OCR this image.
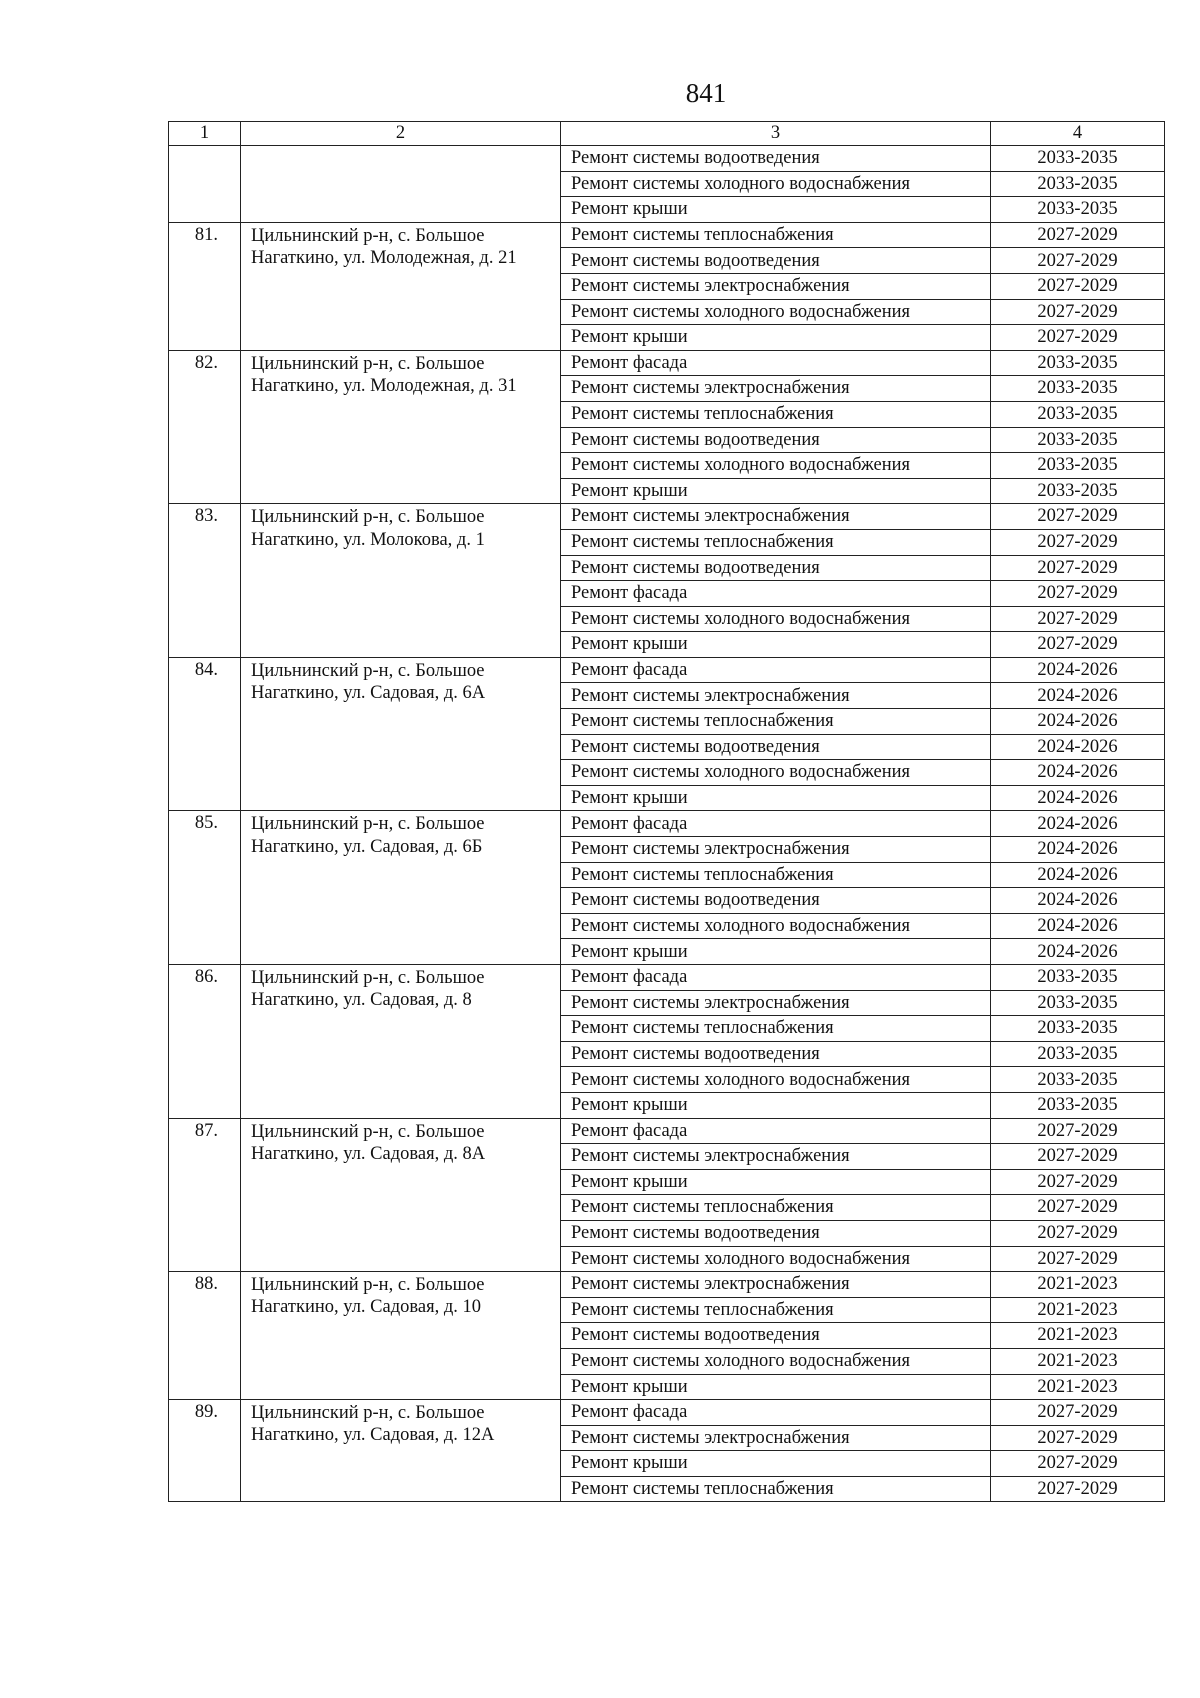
841
1	2	3	4
		Ремонт системы водоотведения	2033-2035
		Ремонт системы холодного водоснабжения	2033-2035
		Ремонт крыши	2033-2035
81.	Цильнинский р-н, с. Большое Нагаткино, ул. Молодежная, д. 21	Ремонт системы теплоснабжения	2027-2029
		Ремонт системы водоотведения	2027-2029
		Ремонт системы электроснабжения	2027-2029
		Ремонт системы холодного водоснабжения	2027-2029
		Ремонт крыши	2027-2029
82.	Цильнинский р-н, с. Большое Нагаткино, ул. Молодежная, д. 31	Ремонт фасада	2033-2035
		Ремонт системы электроснабжения	2033-2035
		Ремонт системы теплоснабжения	2033-2035
		Ремонт системы водоотведения	2033-2035
		Ремонт системы холодного водоснабжения	2033-2035
		Ремонт крыши	2033-2035
83.	Цильнинский р-н, с. Большое Нагаткино, ул. Молокова, д. 1	Ремонт системы электроснабжения	2027-2029
		Ремонт системы теплоснабжения	2027-2029
		Ремонт системы водоотведения	2027-2029
		Ремонт фасада	2027-2029
		Ремонт системы холодного водоснабжения	2027-2029
		Ремонт крыши	2027-2029
84.	Цильнинский р-н, с. Большое Нагаткино, ул. Садовая, д. 6А	Ремонт фасада	2024-2026
		Ремонт системы электроснабжения	2024-2026
		Ремонт системы теплоснабжения	2024-2026
		Ремонт системы водоотведения	2024-2026
		Ремонт системы холодного водоснабжения	2024-2026
		Ремонт крыши	2024-2026
85.	Цильнинский р-н, с. Большое Нагаткино, ул. Садовая, д. 6Б	Ремонт фасада	2024-2026
		Ремонт системы электроснабжения	2024-2026
		Ремонт системы теплоснабжения	2024-2026
		Ремонт системы водоотведения	2024-2026
		Ремонт системы холодного водоснабжения	2024-2026
		Ремонт крыши	2024-2026
86.	Цильнинский р-н, с. Большое Нагаткино, ул. Садовая, д. 8	Ремонт фасада	2033-2035
		Ремонт системы электроснабжения	2033-2035
		Ремонт системы теплоснабжения	2033-2035
		Ремонт системы водоотведения	2033-2035
		Ремонт системы холодного водоснабжения	2033-2035
		Ремонт крыши	2033-2035
87.	Цильнинский р-н, с. Большое Нагаткино, ул. Садовая, д. 8А	Ремонт фасада	2027-2029
		Ремонт системы электроснабжения	2027-2029
		Ремонт крыши	2027-2029
		Ремонт системы теплоснабжения	2027-2029
		Ремонт системы водоотведения	2027-2029
		Ремонт системы холодного водоснабжения	2027-2029
88.	Цильнинский р-н, с. Большое Нагаткино, ул. Садовая, д. 10	Ремонт системы электроснабжения	2021-2023
		Ремонт системы теплоснабжения	2021-2023
		Ремонт системы водоотведения	2021-2023
		Ремонт системы холодного водоснабжения	2021-2023
		Ремонт крыши	2021-2023
89.	Цильнинский р-н, с. Большое Нагаткино, ул. Садовая, д. 12А	Ремонт фасада	2027-2029
		Ремонт системы электроснабжения	2027-2029
		Ремонт крыши	2027-2029
		Ремонт системы теплоснабжения	2027-2029
